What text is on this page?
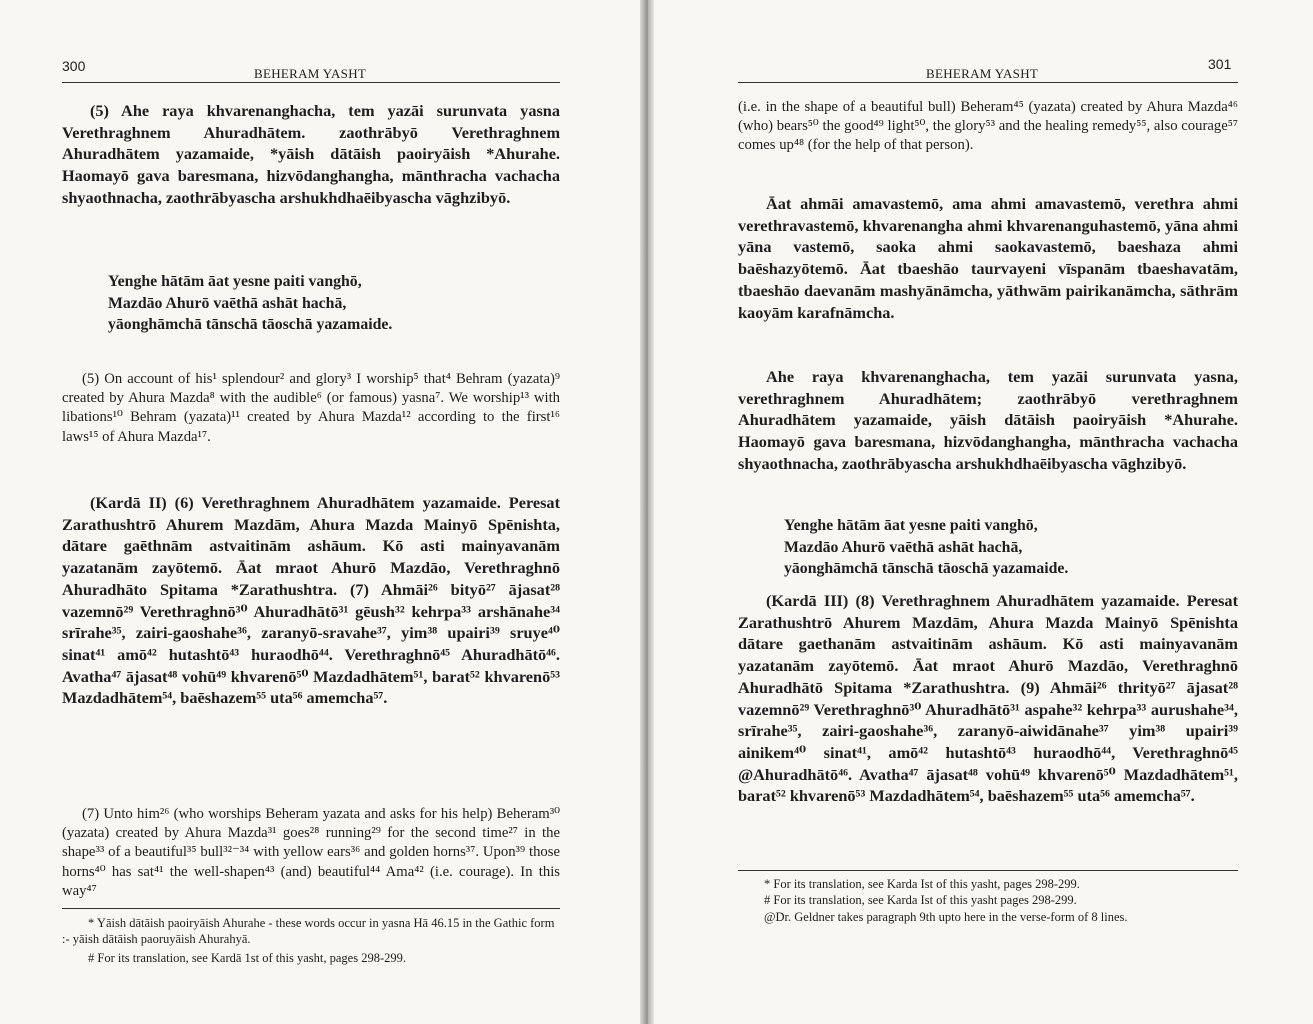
300	BEHERAM YASHT

(5) Ahe raya khvarenanghacha, tem yazāi surunvata yasna Verethraghnem Ahuradhātem. zaothrābyō Verethraghnem Ahuradhātem yazamaide, *yāish dātāish paoiryāish *Ahurahe. Haomayō gava baresmana, hizvōdanghangha, mānthracha vachacha shyaothnacha, zaothrābyascha arshukhdhaēibyascha vāghzibyō.

Yenghe hātām āat yesne paiti vanghō,
Mazdāo Ahurō vaēthā ashāt hachā,
yāonghāmchā tānschā tāoschā yazamaide.

(5) On account of his¹ splendour² and glory³ I worship⁵ that⁴ Behram (yazata)⁹ created by Ahura Mazda⁸ with the audible⁶ (or famous) yasna⁷. We worship¹³ with libations¹⁰ Behram (yazata)¹¹ created by Ahura Mazda¹² according to the first¹⁶ laws¹⁵ of Ahura Mazda¹⁷.

(Kardā II) (6) Verethraghnem Ahuradhātem yazamaide. Peresat Zarathushtrō Ahurem Mazdām, Ahura Mazda Mainyō Spēnishta, dātare gaēthnām astvaitinām ashāum. Kō asti mainyavanām yazatanām zayōtemō. Āat mraot Ahurō Mazdāo, Verethraghnō Ahuradhāto Spitama *Zarathushtra. (7) Ahmāi²⁶ bityō²⁷ ājasat²⁸ vazemnō²⁹ Verethraghnō³⁰ Ahuradhātō³¹ gēush³² kehrpa³³ arshānahe³⁴ srīrahe³⁵, zairi-gaoshahe³⁶, zaranyō-sravahe³⁷, yim³⁸ upairi³⁹ sruye⁴⁰ sinat⁴¹ amō⁴² hutashtō⁴³ huraodhō⁴⁴. Verethraghnō⁴⁵ Ahuradhātō⁴⁶. Avatha⁴⁷ ājasat⁴⁸ vohū⁴⁹ khvarenō⁵⁰ Mazdadhātem⁵¹, barat⁵² khvarenō⁵³ Mazdadhātem⁵⁴, baēshazem⁵⁵ uta⁵⁶ amemcha⁵⁷.

(7) Unto him²⁶ (who worships Beheram yazata and asks for his help) Beheram³⁰ (yazata) created by Ahura Mazda³¹ goes²⁸ running²⁹ for the second time²⁷ in the shape³³ of a beautiful³⁵ bull³²⁻³⁴ with yellow ears³⁶ and golden horns³⁷. Upon³⁹ those horns⁴⁰ has sat⁴¹ the well-shapen⁴³ (and) beautiful⁴⁴ Ama⁴² (i.e. courage). In this way⁴⁷

* Yāish dātāish paoiryāish Ahurahe - these words occur in yasna Hā 46.15 in the Gathic form :- yāish dātāish paoruyāish Ahurahyā.
# For its translation, see Kardā 1st of this yasht, pages 298-299.
BEHERAM YASHT
301

(i.e. in the shape of a beautiful bull) Beheram⁴⁵ (yazata) created by Ahura Mazda⁴⁶ (who) bears⁵⁰ the good⁴⁹ light⁵⁰, the glory⁵³ and the healing remedy⁵⁵, also courage⁵⁷ comes up⁴⁸ (for the help of that person).

Āat ahmāi amavastemō, ama ahmi amavastemō, verethra ahmi verethravastemō, khvarenangha ahmi khvarenanguhastemō, yāna ahmi yāna vastemō, saoka ahmi saokavastemō, baeshaza ahmi baēshazyōtemō. Āat tbaeshāo taurvayeni vīspanām tbaeshavatām, tbaeshāo daevanām mashyānāmcha, yāthwām pairikanāmcha, sāthrām kaoyām karafnāmcha.

Ahe raya khvarenanghacha, tem yazāi surunvata yasna, verethraghnem Ahuradhātem; zaothrābyō verethraghnem Ahuradhātem yazamaide, yāish dātāish paoiryāish *Ahurahe. Haomayō gava baresmana, hizvōdanghangha, mānthracha vachacha shyaothnacha, zaothrābyascha arshukhdhaēibyascha vāghzibyō.

Yenghe hātām āat yesne paiti vanghō,
Mazdāo Ahurō vaēthā ashāt hachā,
yāonghāmchā tānschā tāoschā yazamaide.

(Kardā III) (8) Verethraghnem Ahuradhātem yazamaide. Peresat Zarathushtrō Ahurem Mazdām, Ahura Mazda Mainyō Spēnishta dātare gaethanām astvaitinām ashāum. Kō asti mainyavanām yazatanām zayōtemō. Āat mraot Ahurō Mazdāo, Verethraghnō Ahuradhātō Spitama *Zarathushtra. (9) Ahmāi²⁶ thrityō²⁷ ājasat²⁸ vazemnō²⁹ Verethraghnō³⁰ Ahuradhātō³¹ aspahe³² kehrpa³³ aurushahe³⁴, srīrahe³⁵, zairi-gaoshahe³⁶, zaranyō-aiwidānahe³⁷ yim³⁸ upairi³⁹ ainikem⁴⁰ sinat⁴¹, amō⁴² hutashtō⁴³ huraodhō⁴⁴, Verethraghnō⁴⁵ @Ahuradhātō⁴⁶. Avatha⁴⁷ ājasat⁴⁸ vohū⁴⁹ khvarenō⁵⁰ Mazdadhātem⁵¹, barat⁵² khvarenō⁵³ Mazdadhātem⁵⁴, baēshazem⁵⁵ uta⁵⁶ amemcha⁵⁷.

* For its translation, see Karda Ist of this yasht, pages 298-299.
# For its translation, see Karda Ist of this yasht pages 298-299.
@Dr. Geldner takes paragraph 9th upto here in the verse-form of 8 lines.
